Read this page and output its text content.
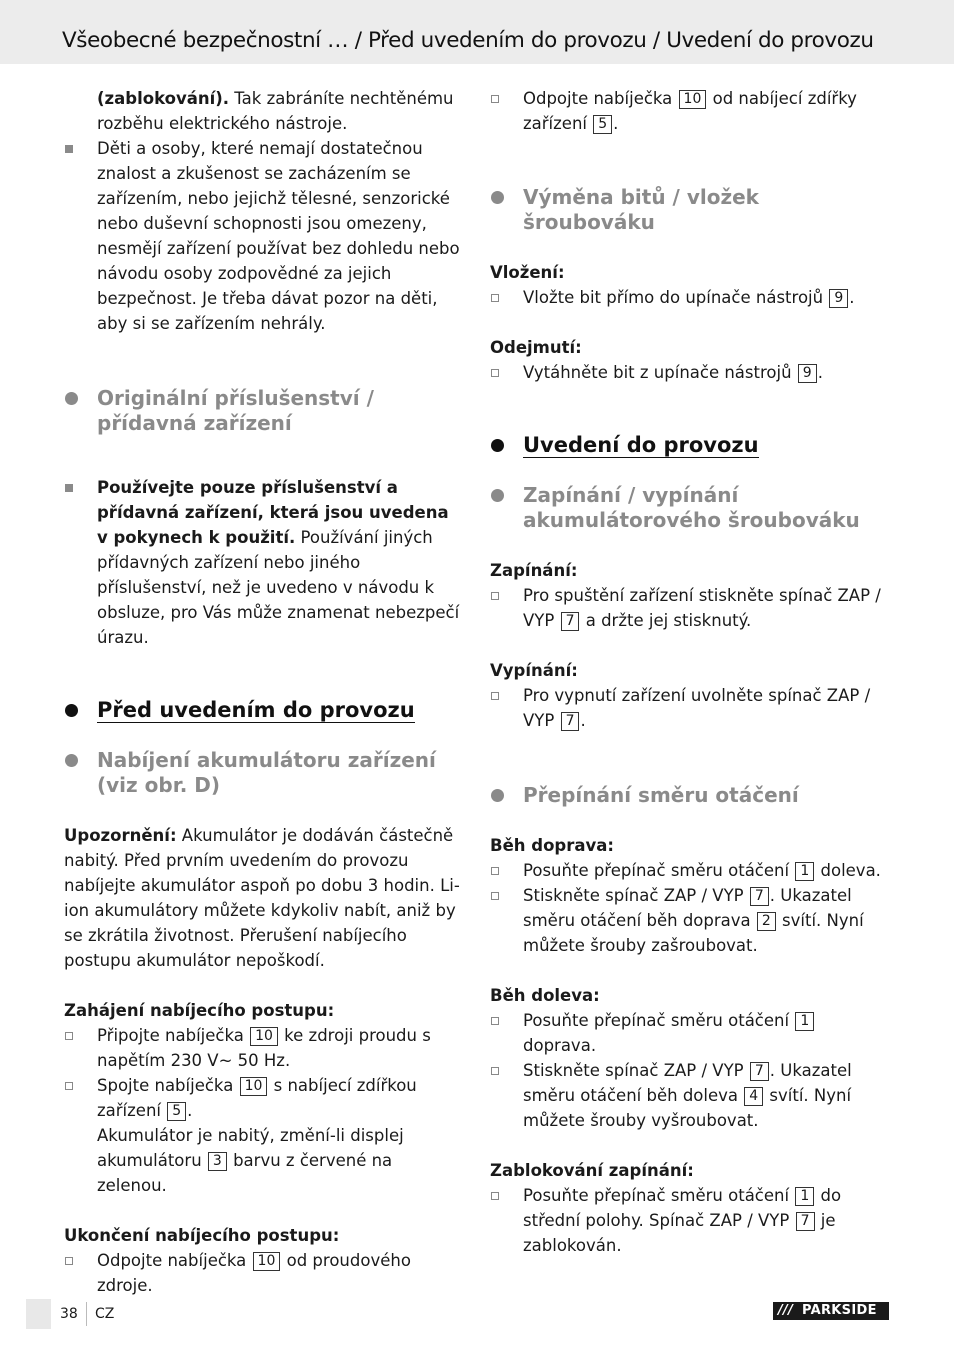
Všeobecné bezpečnostní … / Před uvedením do provozu / Uvedení do provozu

(zablokování). Tak zabráníte nechtěnému rozběhu elektrického nástroje.

Děti a osoby, které nemají dostatečnou znalost a zkušenost se zacházením se zařízením, nebo jejichž tělesné, senzorické nebo duševní schopnosti jsou omezeny, nesmějí zařízení používat bez dohledu nebo návodu osoby zodpovědné za jejich bezpečnost. Je třeba dávat pozor na děti, aby si se zařízením nehrály.
Originální příslušenství / přídavná zařízení
Používejte pouze příslušenství a přídavná zařízení, která jsou uvedena v pokynech k použití. Používání jiných přídavných zařízení nebo jiného příslušenství, než je uvedeno v návodu k obsluze, pro Vás může znamenat nebezpečí úrazu.
Před uvedením do provozu
Nabíjení akumulátoru zařízení (viz obr. D)

Upozornění: Akumulátor je dodáván částečně nabitý. Před prvním uvedením do provozu nabíjejte akumulátor aspoň po dobu 3 hodin. Li-ion akumulátory můžete kdykoliv nabít, aniž by se zkrátila životnost. Přerušení nabíjecího postupu akumulátor nepoškodí.

Zahájení nabíjecího postupu:

Připojte nabíječka 10 ke zdroji proudu s napětím 230 V~ 50 Hz.
Spojte nabíječka 10 s nabíjecí zdířkou zařízení 5 .

Akumulátor je nabitý, změní-li displej akumulátoru 3 barvu z červené na zelenou.

Ukončení nabíjecího postupu:

Odpojte nabíječka 10 od proudového zdroje.
Odpojte nabíječka 10 od nabíjecí zdířky zařízení 5 .
Výměna bitů / vložek šroubováku

Vložení:

Vložte bit přímo do upínače nástrojů 9 .

Odejmutí:

Vytáhněte bit z upínače nástrojů 9 .
Uvedení do provozu
Zapínání / vypínání akumulátorového šroubováku

Zapínání:

Pro spuštění zařízení stiskněte spínač ZAP / VYP 7 a držte jej stisknutý.

Vypínání:

Pro vypnutí zařízení uvolněte spínač ZAP / VYP 7 .
Přepínání směru otáčení

Běh doprava:

Posuňte přepínač směru otáčení 1 doleva.
Stiskněte spínač ZAP / VYP 7 . Ukazatel směru otáčení běh doprava 2 svítí. Nyní můžete šrouby zašroubovat.

Běh doleva:

Posuňte přepínač směru otáčení 1 doprava.
Stiskněte spínač ZAP / VYP 7 . Ukazatel směru otáčení běh doleva 4 svítí. Nyní můžete šrouby vyšroubovat.

Zablokování zapínání:

Posuňte přepínač směru otáčení 1 do střední polohy. Spínač ZAP / VYP 7 je zablokován.
38 CZ	/// PARKSIDE
